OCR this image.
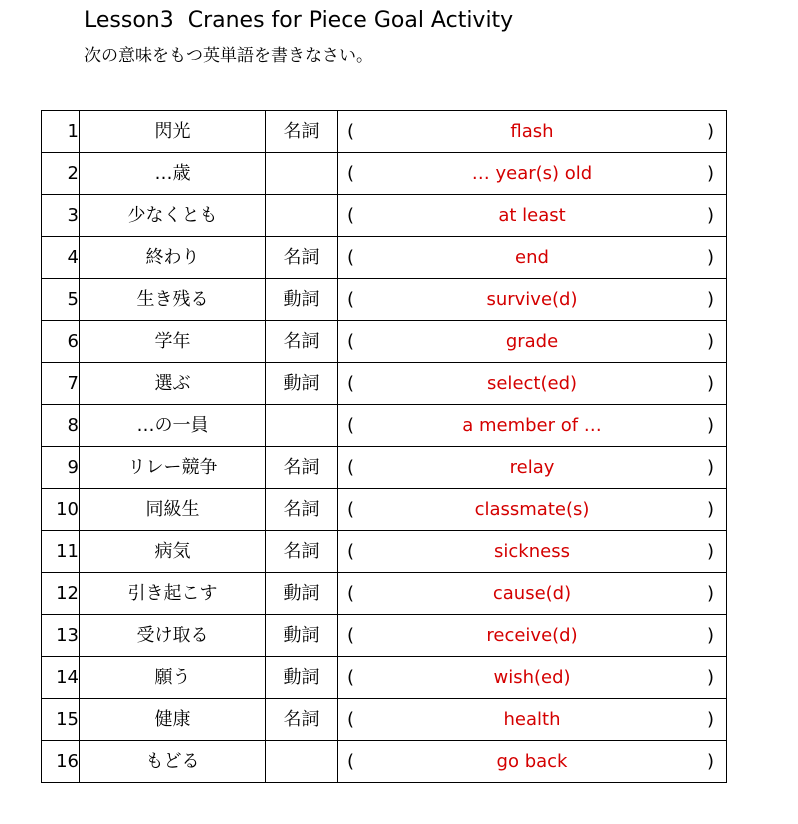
Lesson3  Cranes for Piece Goal Activity
次の意味をもつ英単語を書きなさい。
1	閃光	名詞	( flash )

2	…歳		( … year(s) old )

3	少なくとも		( at least )

4	終わり	名詞	( end )

5	生き残る	動詞	( survive(d) )

6	学年	名詞	( grade )

7	選ぶ	動詞	( select(ed) )

8	…の一員		( a member of … )

9	リレー競争	名詞	( relay )

10	同級生	名詞	( classmate(s) )

11	病気	名詞	( sickness )

12	引き起こす	動詞	( cause(d) )

13	受け取る	動詞	( receive(d) )

14	願う	動詞	( wish(ed) )

15	健康	名詞	( health )

16	もどる		( go back )
